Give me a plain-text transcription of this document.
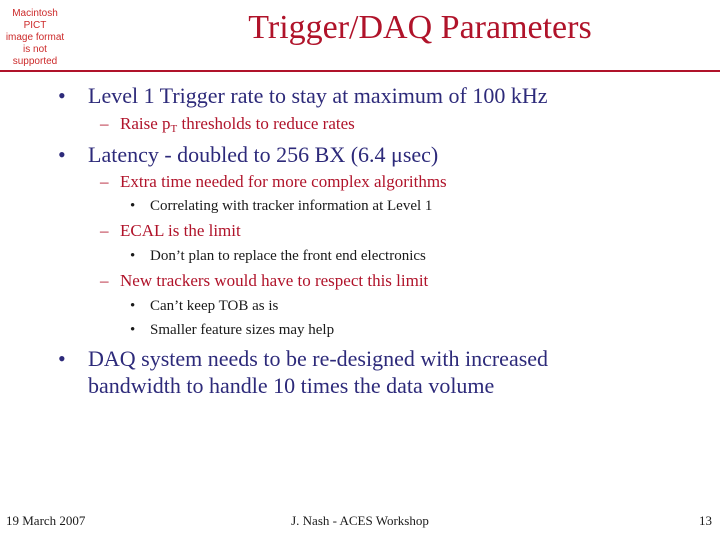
Macintosh PICT
image format
is not supported
Trigger/DAQ Parameters
• Level 1 Trigger rate to stay at maximum of 100 kHz
– Raise $p_T$ thresholds to reduce rates
• Latency - doubled to 256 BX (6.4 μsec)
– Extra time needed for more complex algorithms
• Correlating with tracker information at Level 1
– ECAL is the limit
• Don’t plan to replace the front end electronics
– New trackers would have to respect this limit
• Can’t keep TOB as is
• Smaller feature sizes may help
• DAQ system needs to be re-designed with increased
bandwidth to handle 10 times the data volume
19 March 2007	J. Nash - ACES Workshop	13
